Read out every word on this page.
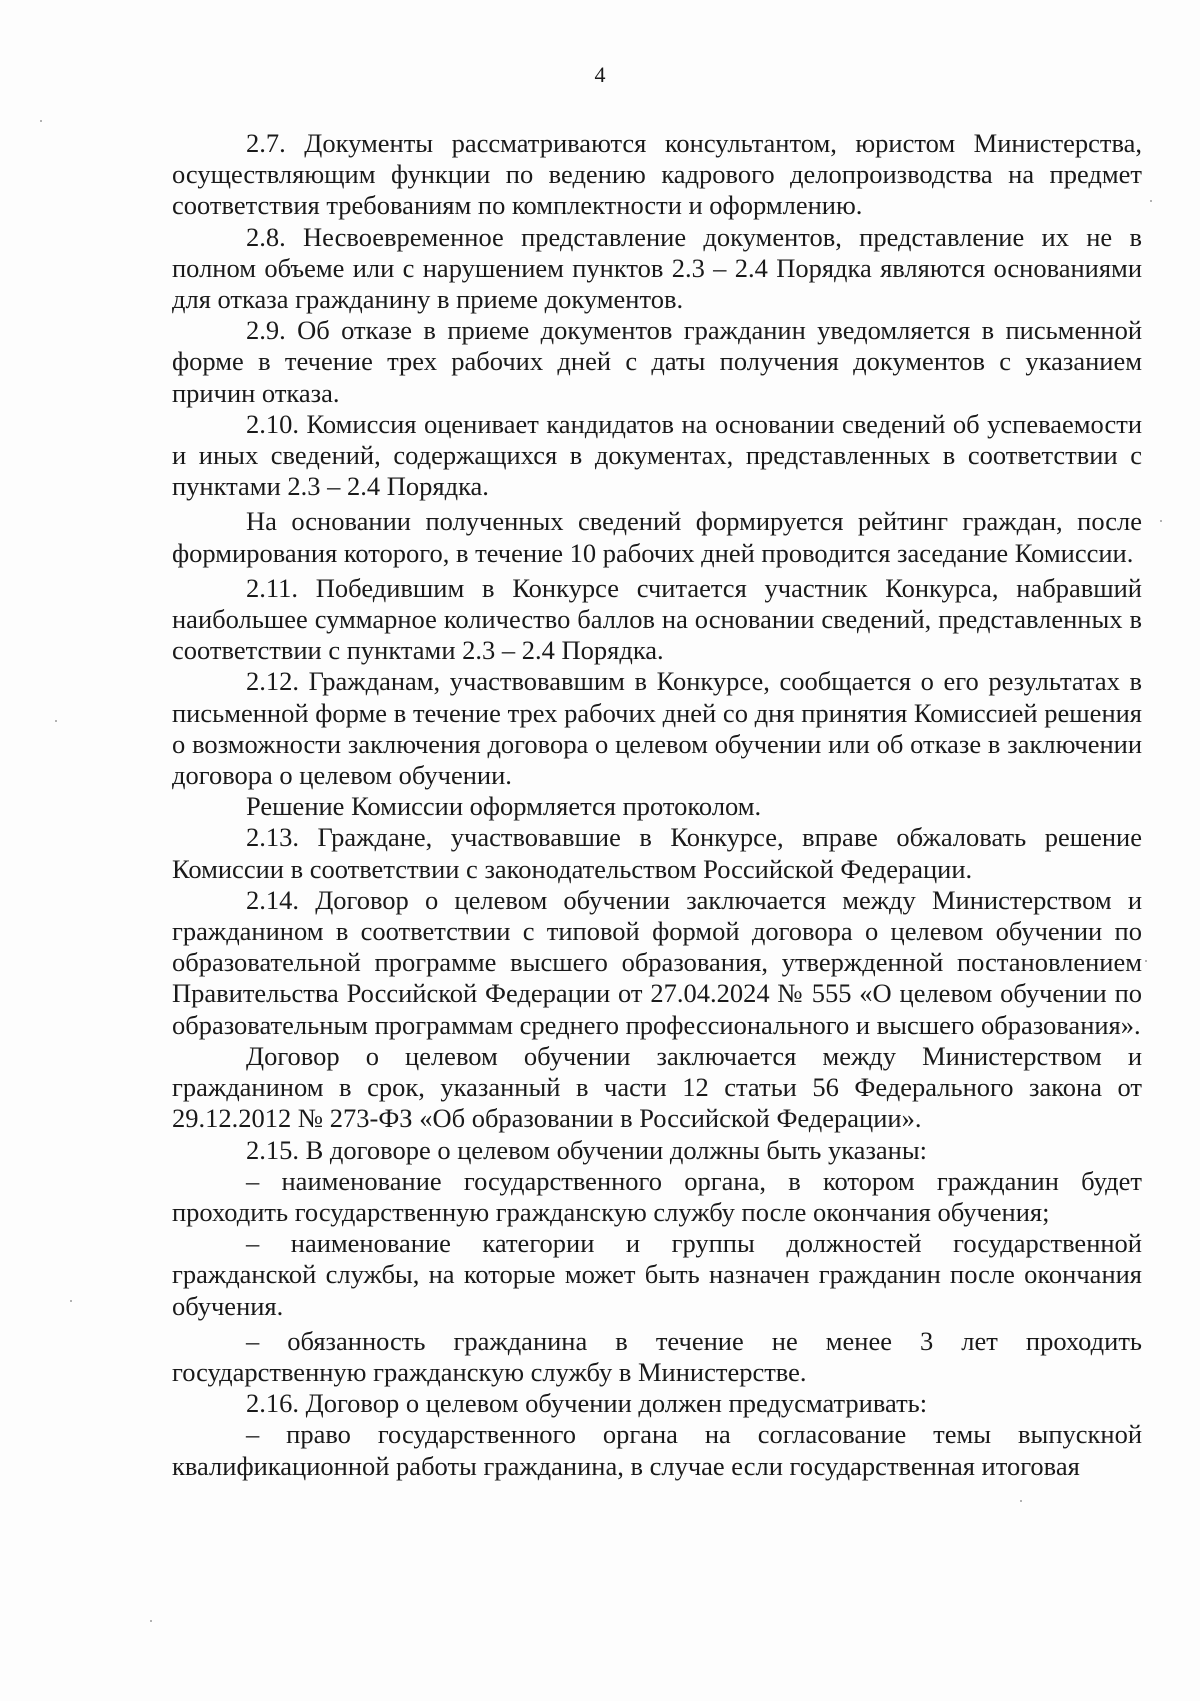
4

2.7. Документы рассматриваются консультантом, юристом Министерства, осуществляющим функции по ведению кадрового делопроизводства на предмет соответствия требованиям по комплектности и оформлению.

2.8. Несвоевременное представление документов, представление их не в полном объеме или с нарушением пунктов 2.3 – 2.4 Порядка являются основаниями для отказа гражданину в приеме документов.

2.9. Об отказе в приеме документов гражданин уведомляется в письменной форме в течение трех рабочих дней с даты получения документов с указанием причин отказа.

2.10. Комиссия оценивает кандидатов на основании сведений об успеваемости и иных сведений, содержащихся в документах, представленных в соответствии с пунктами 2.3 – 2.4 Порядка.

На основании полученных сведений формируется рейтинг граждан, после формирования которого, в течение 10 рабочих дней проводится заседание Комиссии.

2.11. Победившим в Конкурсе считается участник Конкурса, набравший наибольшее суммарное количество баллов на основании сведений, представленных в соответствии с пунктами 2.3 – 2.4 Порядка.

2.12. Гражданам, участвовавшим в Конкурсе, сообщается о его результатах в письменной форме в течение трех рабочих дней со дня принятия Комиссией решения о возможности заключения договора о целевом обучении или об отказе в заключении договора о целевом обучении.

Решение Комиссии оформляется протоколом.

2.13. Граждане, участвовавшие в Конкурсе, вправе обжаловать решение Комиссии в соответствии с законодательством Российской Федерации.

2.14. Договор о целевом обучении заключается между Министерством и гражданином в соответствии с типовой формой договора о целевом обучении по образовательной программе высшего образования, утвержденной постановлением Правительства Российской Федерации от 27.04.2024 № 555 «О целевом обучении по образовательным программам среднего профессионального и высшего образования».

Договор о целевом обучении заключается между Министерством и гражданином в срок, указанный в части 12 статьи 56 Федерального закона от 29.12.2012 № 273-ФЗ «Об образовании в Российской Федерации».

2.15. В договоре о целевом обучении должны быть указаны:

– наименование государственного органа, в котором гражданин будет проходить государственную гражданскую службу после окончания обучения;

– наименование категории и группы должностей государственной гражданской службы, на которые может быть назначен гражданин после окончания обучения.

– обязанность гражданина в течение не менее 3 лет проходить государственную гражданскую службу в Министерстве.

2.16. Договор о целевом обучении должен предусматривать:

– право государственного органа на согласование темы выпускной квалификационной работы гражданина, в случае если государственная итоговая
